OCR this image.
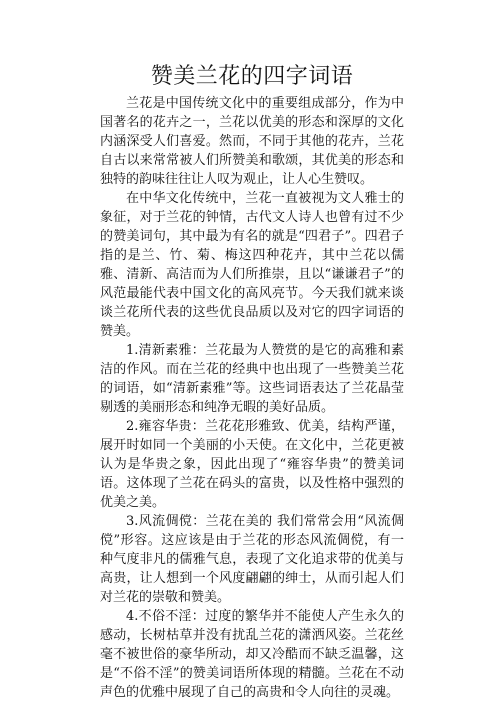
赞美兰花的四字词语

兰花是中国传统文化中的重要组成部分，作为中国著名的花卉之一，兰花以优美的形态和深厚的文化内涵深受人们喜爱。然而，不同于其他的花卉，兰花自古以来常常被人们所赞美和歌颂，其优美的形态和独特的韵味往往让人叹为观止，让人心生赞叹。

在中华文化传统中，兰花一直被视为文人雅士的象征，对于兰花的钟情，古代文人诗人也曾有过不少的赞美词句，其中最为有名的就是“四君子”。四君子指的是兰、竹、菊、梅这四种花卉，其中兰花以儒雅、清新、高洁而为人们所推崇，且以“谦谦君子”的风范最能代表中国文化的高风亮节。今天我们就来谈谈兰花所代表的这些优良品质以及对它的四字词语的赞美。

1.清新素雅：兰花最为人赞赏的是它的高雅和素洁的作风。而在兰花的经典中也出现了一些赞美兰花的词语，如“清新素雅”等。这些词语表达了兰花晶莹剔透的美丽形态和纯净无暇的美好品质。

2.雍容华贵：兰花花形雅致、优美，结构严谨，展开时如同一个美丽的小天使。在文化中，兰花更被认为是华贵之象，因此出现了“雍容华贵”的赞美词语。这体现了兰花在码头的富贵，以及性格中强烈的优美之美。

3.风流倜傥：兰花在美的 我们常常会用“风流倜傥”形容。这应该是由于兰花的形态风流倜傥，有一种气度非凡的儒雅气息，表现了文化追求带的优美与高贵，让人想到一个风度翩翩的绅士，从而引起人们对兰花的崇敬和赞美。

4.不俗不淫：过度的繁华并不能使人产生永久的感动，长树枯草并没有扰乱兰花的潇洒风姿。兰花丝毫不被世俗的豪华所动，却又冷酷而不缺乏温馨，这是“不俗不淫”的赞美词语所体现的精髓。兰花在不动声色的优雅中展现了自己的高贵和令人向往的灵魂。
